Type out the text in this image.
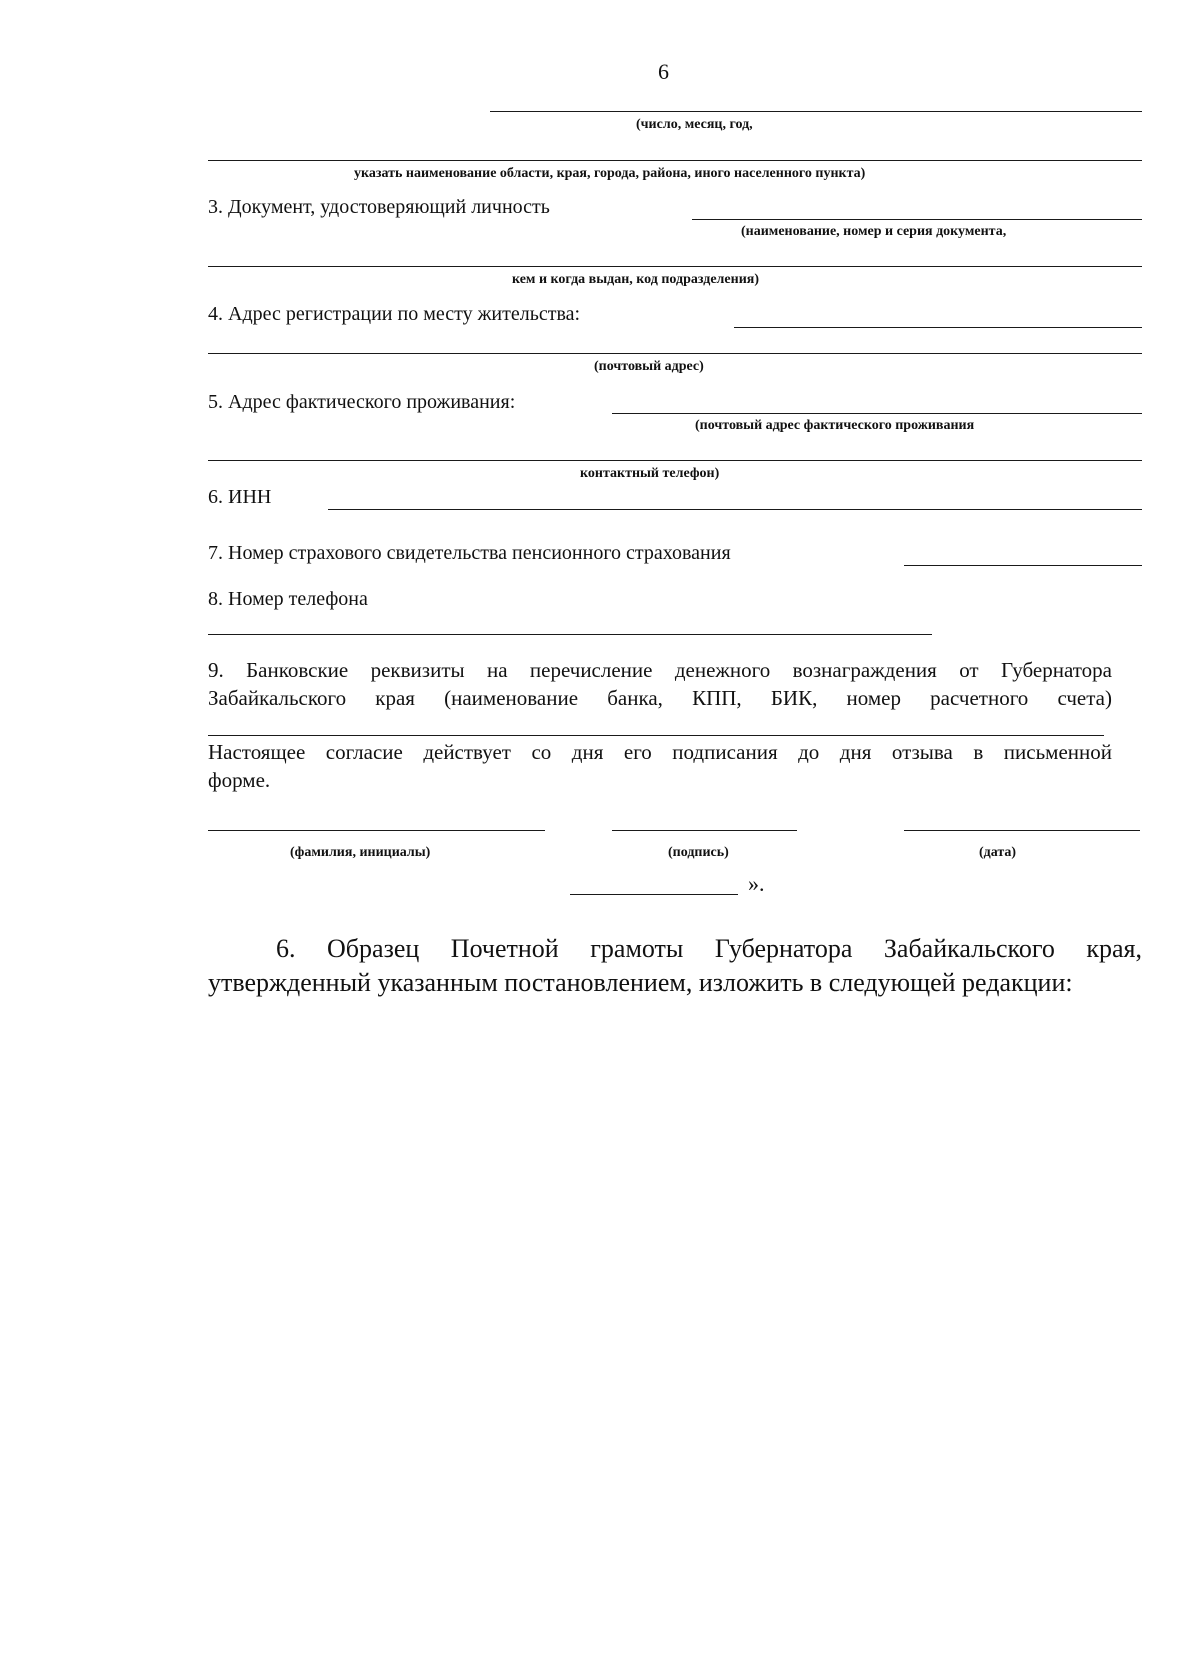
6
(число, месяц, год,
указать наименование области, края, города, района, иного населенного пункта)
3. Документ, удостоверяющий личность
(наименование, номер и серия документа,
кем и когда выдан, код подразделения)
4. Адрес регистрации по месту жительства:
(почтовый адрес)
5. Адрес фактического проживания:
(почтовый адрес фактического проживания
контактный телефон)
6. ИНН
7. Номер страхового свидетельства пенсионного страхования
8. Номер телефона
9. Банковские реквизиты на перечисление денежного вознаграждения от Губернатора
Забайкальского края (наименование банка, КПП, БИК, номер расчетного счета)
Настоящее согласие действует со дня его подписания до дня отзыва в письменной
форме.
(фамилия, инициалы)	(подпись)	(дата)
».
6. Образец Почетной грамоты Губернатора Забайкальского края,
утвержденный указанным постановлением, изложить в следующей редакции:
